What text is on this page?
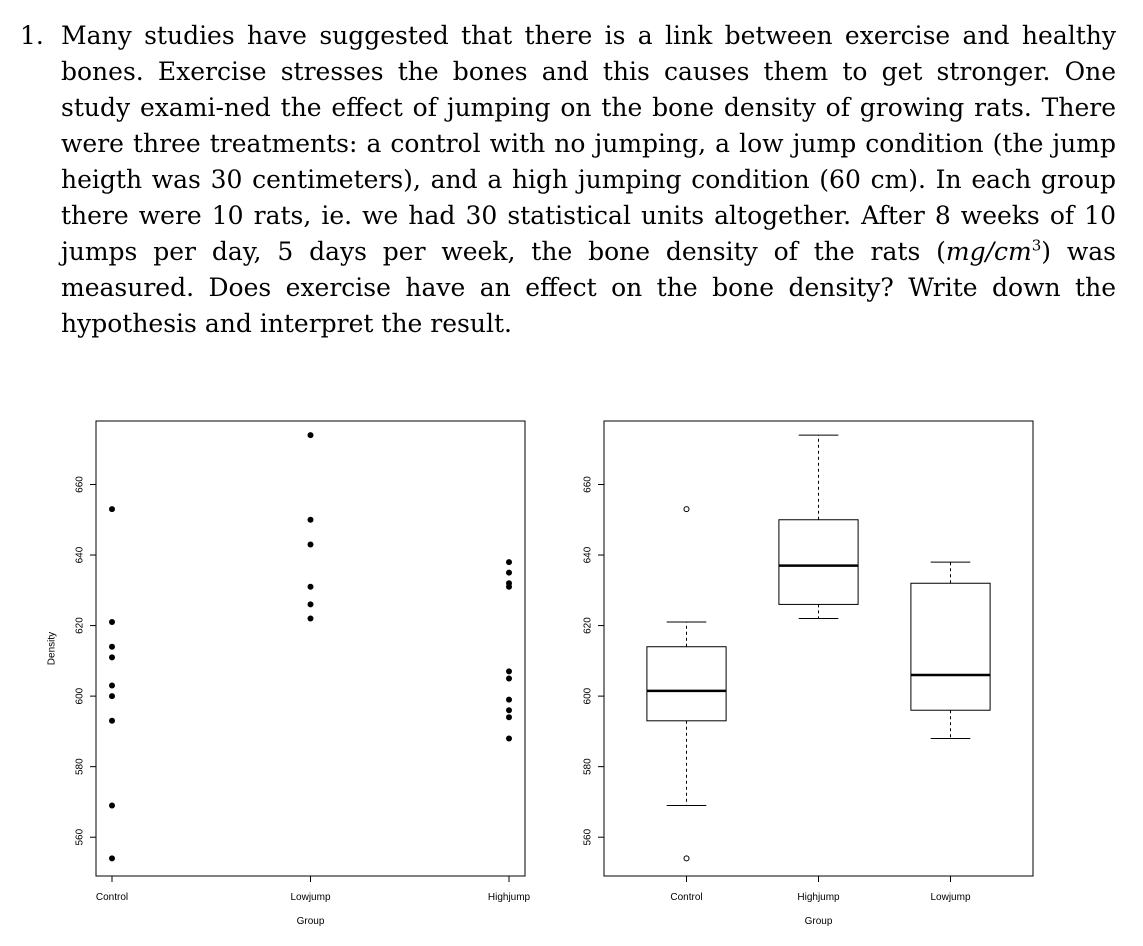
1. Many studies have suggested that there is a link between exercise and healthy bones. Exercise stresses the bones and this causes them to get stronger. One study exami-ned the effect of jumping on the bone density of growing rats. There were three treatments: a control with no jumping, a low jump condition (the jump heigth was 30 centimeters), and a high jumping condition (60 cm). In each group there were 10 rats, ie. we had 30 statistical units altogether. After 8 weeks of 10 jumps per day, 5 days per week, the bone density of the rats $(mg/cm^3)$ was measured. Does exercise have an effect on the bone density? Write down the hypothesis and interpret the result.
560
580
600
620
640
660
Control	Lowjump	Highjump
Group
Density
560
580
600
620
640
660
Control	Highjump	Lowjump
Group
